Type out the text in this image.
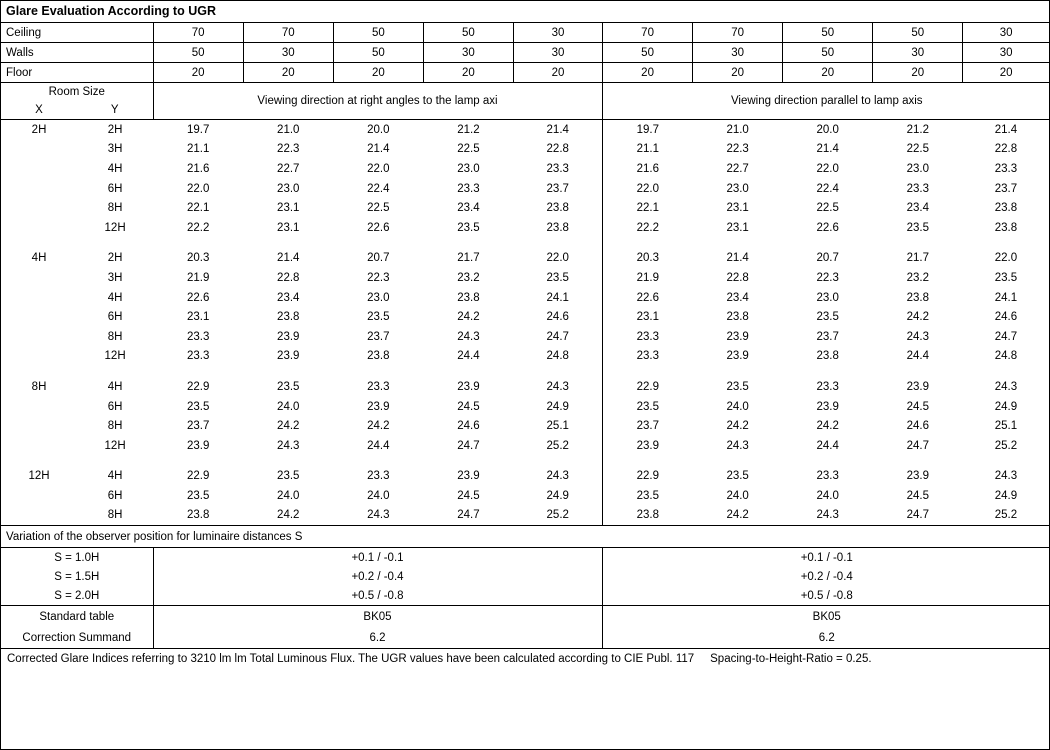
Glare Evaluation According to UGR
Ceiling	70	70	50	50	30	70	70	50	50	30
Walls	50	30	50	30	30	50	30	50	30	30
Floor	20	20	20	20	20	20	20	20	20	20
Room Size		Viewing direction at right angles to the lamp axi	Viewing direction parallel to lamp axis
X	Y		
2H	2H	19.7	21.0	20.0	21.2	21.4	19.7	21.0	20.0	21.2	21.4
	3H	21.1	22.3	21.4	22.5	22.8	21.1	22.3	21.4	22.5	22.8
	4H	21.6	22.7	22.0	23.0	23.3	21.6	22.7	22.0	23.0	23.3
	6H	22.0	23.0	22.4	23.3	23.7	22.0	23.0	22.4	23.3	23.7
	8H	22.1	23.1	22.5	23.4	23.8	22.1	23.1	22.5	23.4	23.8
	12H	22.2	23.1	22.6	23.5	23.8	22.2	23.1	22.6	23.5	23.8

4H	2H	20.3	21.4	20.7	21.7	22.0	20.3	21.4	20.7	21.7	22.0
	3H	21.9	22.8	22.3	23.2	23.5	21.9	22.8	22.3	23.2	23.5
	4H	22.6	23.4	23.0	23.8	24.1	22.6	23.4	23.0	23.8	24.1
	6H	23.1	23.8	23.5	24.2	24.6	23.1	23.8	23.5	24.2	24.6
	8H	23.3	23.9	23.7	24.3	24.7	23.3	23.9	23.7	24.3	24.7
	12H	23.3	23.9	23.8	24.4	24.8	23.3	23.9	23.8	24.4	24.8

8H	4H	22.9	23.5	23.3	23.9	24.3	22.9	23.5	23.3	23.9	24.3
	6H	23.5	24.0	23.9	24.5	24.9	23.5	24.0	23.9	24.5	24.9
	8H	23.7	24.2	24.2	24.6	25.1	23.7	24.2	24.2	24.6	25.1
	12H	23.9	24.3	24.4	24.7	25.2	23.9	24.3	24.4	24.7	25.2

12H	4H	22.9	23.5	23.3	23.9	24.3	22.9	23.5	23.3	23.9	24.3
	6H	23.5	24.0	24.0	24.5	24.9	23.5	24.0	24.0	24.5	24.9
	8H	23.8	24.2	24.3	24.7	25.2	23.8	24.2	24.3	24.7	25.2
Variation of the observer position for luminaire distances S		
S = 1.0H	+0.1 / -0.1	+0.1 / -0.1
S = 1.5H	+0.2 / -0.4	+0.2 / -0.4
S = 2.0H	+0.5 / -0.8	+0.5 / -0.8
Standard table	BK05	BK05
Correction Summand	6.2	6.2
Corrected Glare Indices referring to 3210 lm lm Total Luminous Flux. The UGR values have been calculated according to CIE Publ. 117     Spacing-to-Height-Ratio = 0.25.
